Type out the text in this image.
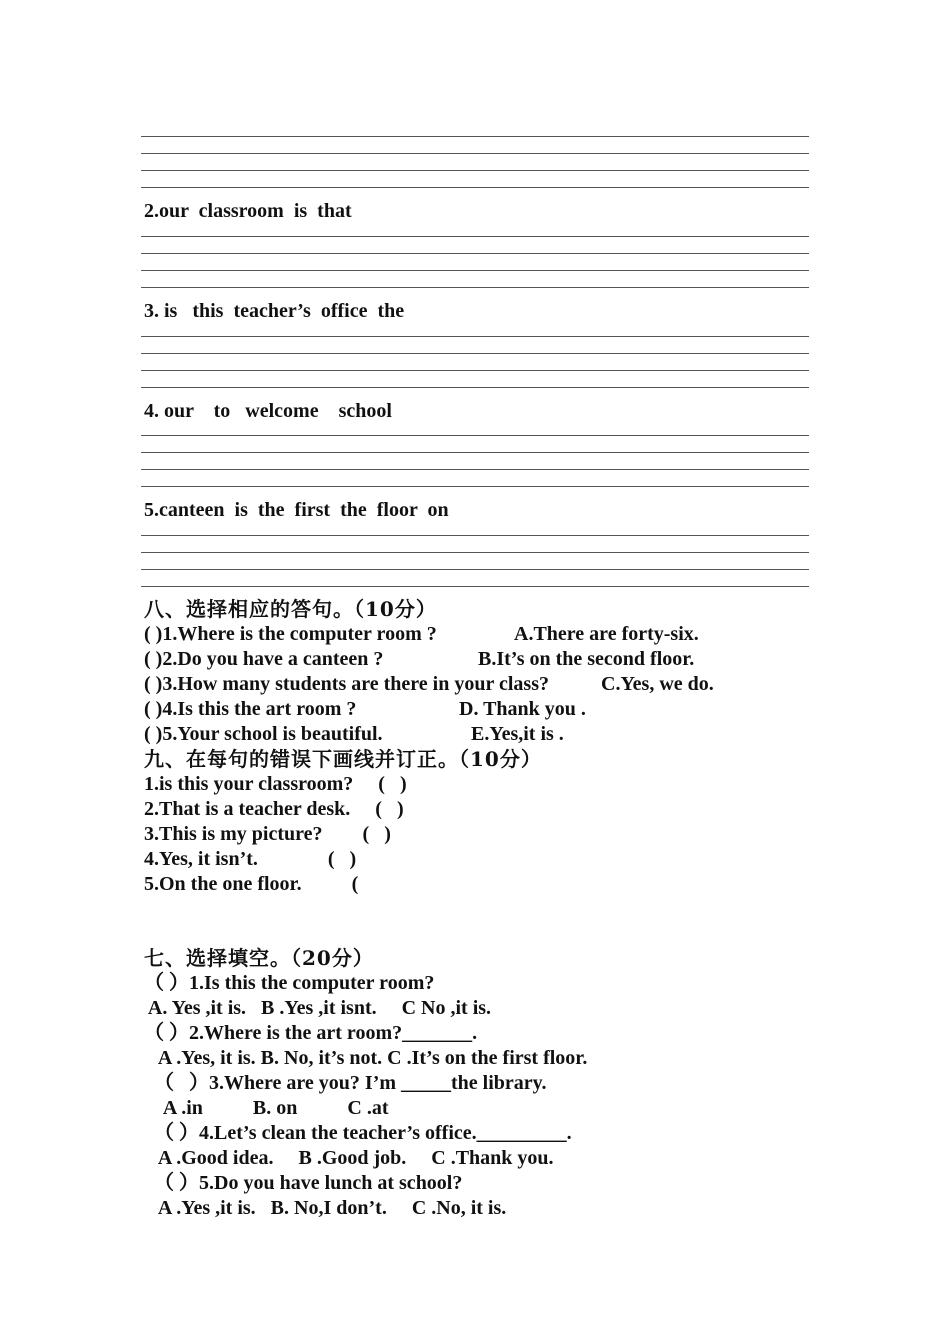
2.our  classroom  is  that

3. is   this  teacher’s  office  the

4. our    to   welcome    school

5.canteen  is  the  first  the  floor  on

八、选择相应的答句。（10分）

( )1.Where is the computer room ?	A.There are forty-six.

( )2.Do you have a canteen ?	B.It’s on the second floor.

( )3.How many students are there in your class?	C.Yes, we do.

( )4.Is this the art room ?	D. Thank you .

( )5.Your school is beautiful.	E.Yes,it is .

九、在每句的错误下画线并订正。（10分）

1.is this your classroom?     (   )

2.That is a teacher desk.     (   )

3.This is my picture?        (   )

4.Yes, it isn’t.              (   )

5.On the one floor.          (

七、选择填空。（20分）

（ ）1.Is this the computer room?

A. Yes ,it is.   B .Yes ,it isnt.     C No ,it is.

（ ）2.Where is the art room?_______.

A .Yes, it is. B. No, it’s not. C .It’s on the first floor.

（   ）3.Where are you? I’m _____the library.

A .in          B. on          C .at

（ ）4.Let’s clean the teacher’s office._________.

A .Good idea.     B .Good job.     C .Thank you.

（ ）5.Do you have lunch at school?

A .Yes ,it is.   B. No,I don’t.     C .No, it is.
